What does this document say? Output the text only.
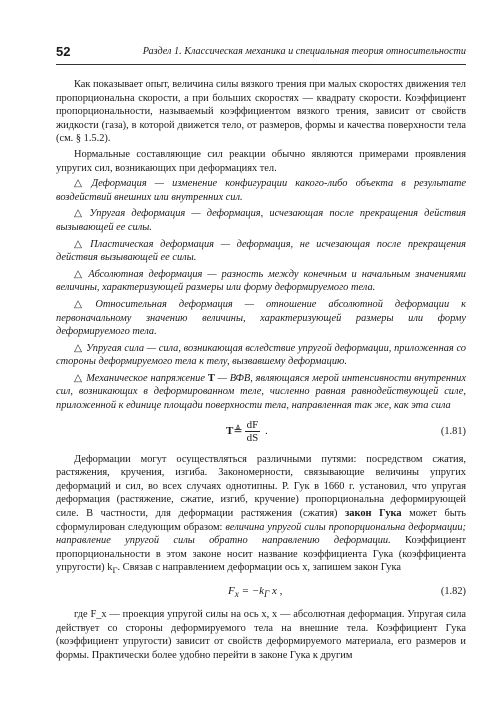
52	Раздел 1. Классическая механика и специальная теория относительности

Как показывает опыт, величина силы вязкого трения при малых скоростях движения тел пропорциональна скорости, а при больших скоростях — квадрату скорости. Коэффициент пропорциональности, называемый коэффициентом вязкого трения, зависит от свойств жидкости (газа), в которой движется тело, от размеров, формы и качества поверхности тела (см. § 1.5.2).

Нормальные составляющие сил реакции обычно являются примерами проявления упругих сил, возникающих при деформациях тел.

△ Деформация — изменение конфигурации какого-либо объекта в результате воздействий внешних или внутренних сил.

△ Упругая деформация — деформация, исчезающая после прекращения действия вызывающей ее силы.

△ Пластическая деформация — деформация, не исчезающая после прекращения действия вызывающей ее силы.

△ Абсолютная деформация — разность между конечным и начальным значениями величины, характеризующей размеры или форму деформируемого тела.

△ Относительная деформация — отношение абсолютной деформации к первоначальному значению величины, характеризующей размеры или форму деформируемого тела.

△ Упругая сила — сила, возникающая вследствие упругой деформации, приложенная со стороны деформируемого тела к телу, вызвавшему деформацию.

△ Механическое напряжение T — ВФВ, являющаяся мерой интенсивности внутренних сил, возникающих в деформированном теле, численно равная равнодействующей силе, приложенной к единице площади поверхности тела, направленная так же, как эта сила

T≜ $\frac{dF}{dS}$ .	(1.81)

Деформации могут осуществляться различными путями: посредством сжатия, растяжения, кручения, изгиба. Закономерности, связывающие величины упругих деформаций и сил, во всех случаях однотипны. Р. Гук в 1660 г. установил, что упругая деформация (растяжение, сжатие, изгиб, кручение) пропорциональна деформирующей силе. В частности, для деформации растяжения (сжатия) закон Гука может быть сформулирован следующим образом: величина упругой силы пропорциональна деформации; направление упругой силы обратно направлению деформации. Коэффициент пропорциональности в этом законе носит название коэффициента Гука (коэффициента упругости) $k_Г$. Связав с направлением деформации ось x, запишем закон Гука

$F_x = -k_Г$ x ,	(1.82)

где F_x — проекция упругой силы на ось x, x — абсолютная деформация. Упругая сила действует со стороны деформируемого тела на внешние тела. Коэффициент Гука (коэффициент упругости) зависит от свойств деформируемого материала, его размеров и формы. Практически более удобно перейти в законе Гука к другим
